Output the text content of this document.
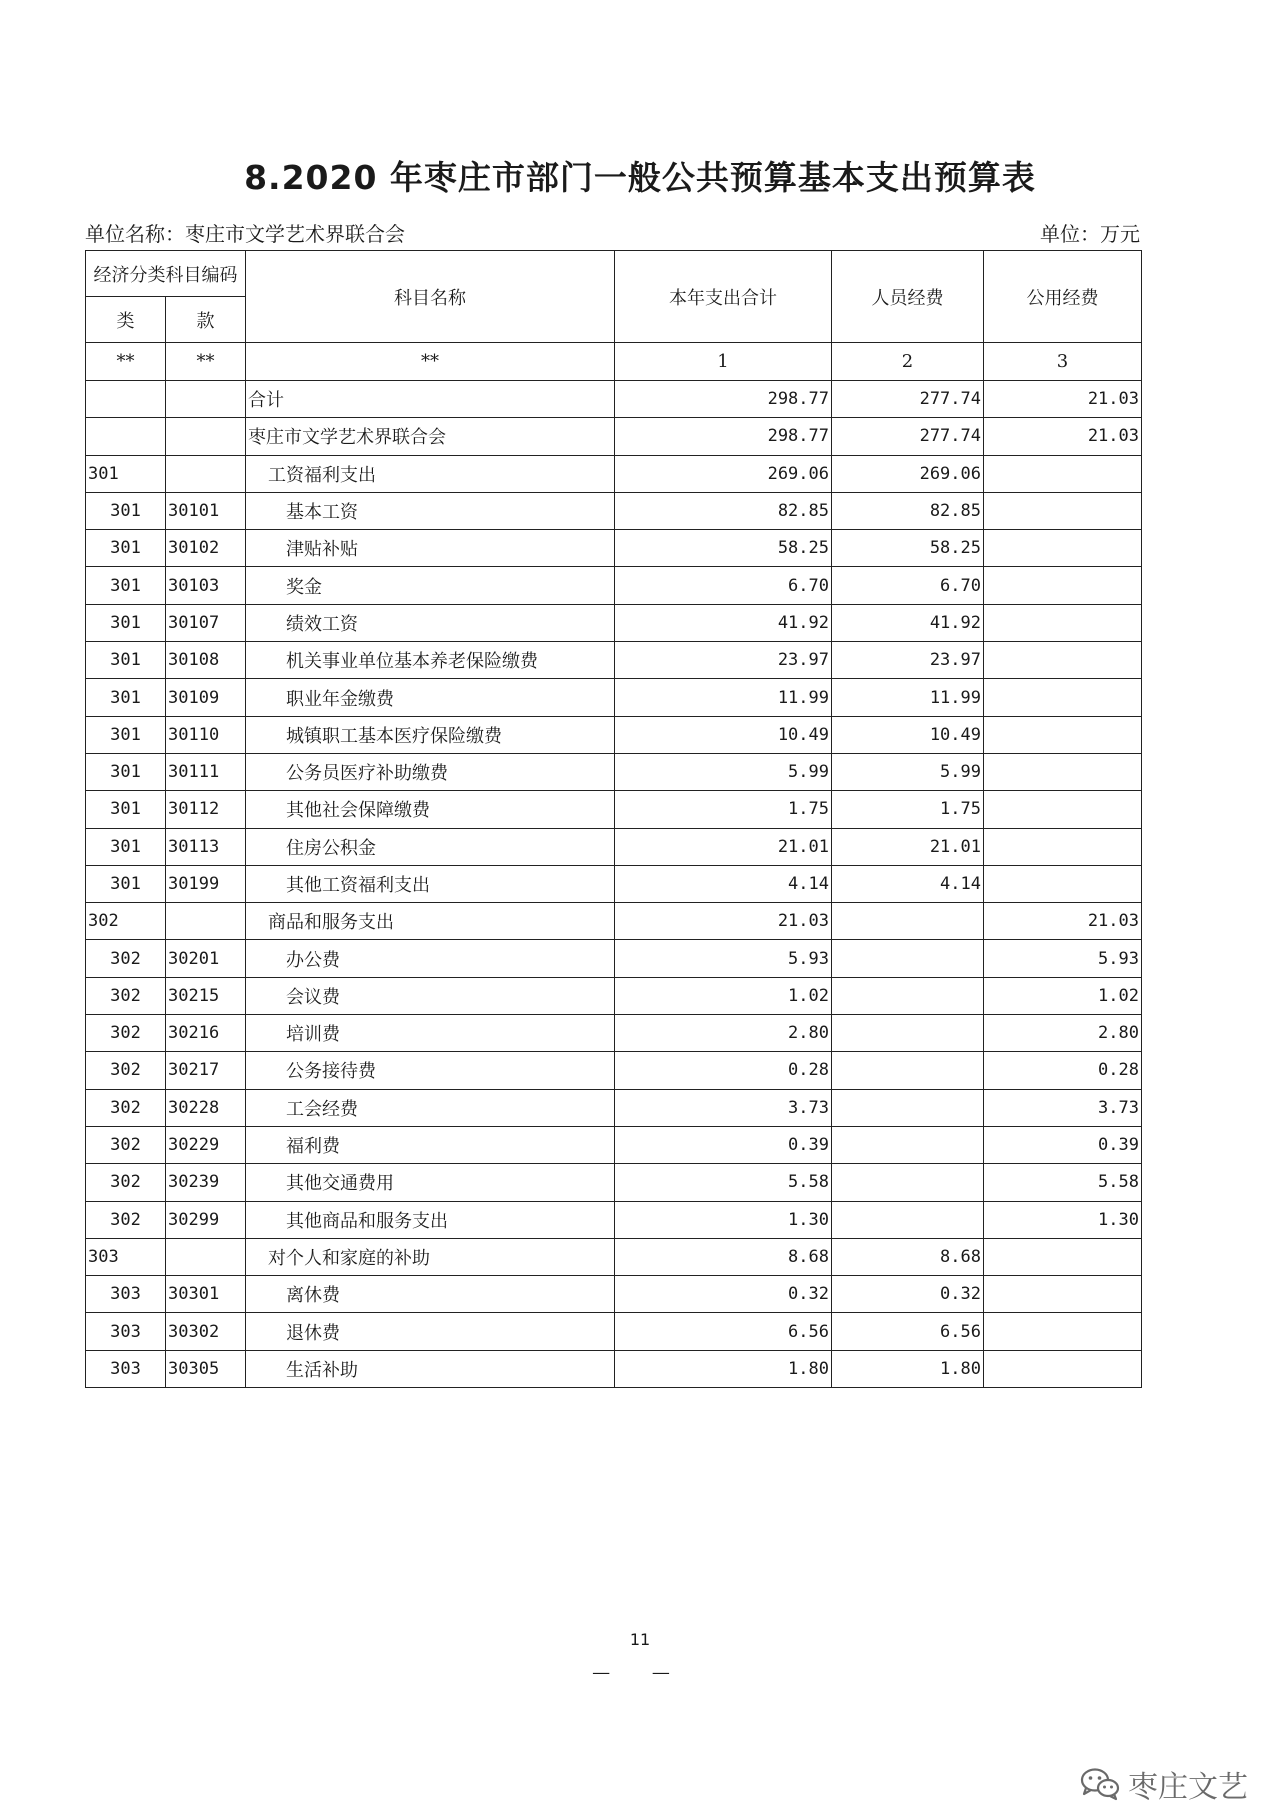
8.2020 年枣庄市部门一般公共预算基本支出预算表
单位名称：枣庄市文学艺术界联合会	单位：万元
经济分类科目编码		科目名称	本年支出合计	人员经费	公用经费
类	款				
**	**	**	1	2	3
		合计	298.77	277.74	21.03
		枣庄市文学艺术界联合会	298.77	277.74	21.03
301		工资福利支出	269.06	269.06	
301	30101	基本工资	82.85	82.85	
301	30102	津贴补贴	58.25	58.25	
301	30103	奖金	6.70	6.70	
301	30107	绩效工资	41.92	41.92	
301	30108	机关事业单位基本养老保险缴费	23.97	23.97	
301	30109	职业年金缴费	11.99	11.99	
301	30110	城镇职工基本医疗保险缴费	10.49	10.49	
301	30111	公务员医疗补助缴费	5.99	5.99	
301	30112	其他社会保障缴费	1.75	1.75	
301	30113	住房公积金	21.01	21.01	
301	30199	其他工资福利支出	4.14	4.14	
302		商品和服务支出	21.03		21.03
302	30201	办公费	5.93		5.93
302	30215	会议费	1.02		1.02
302	30216	培训费	2.80		2.80
302	30217	公务接待费	0.28		0.28
302	30228	工会经费	3.73		3.73
302	30229	福利费	0.39		0.39
302	30239	其他交通费用	5.58		5.58
302	30299	其他商品和服务支出	1.30		1.30
303		对个人和家庭的补助	8.68	8.68	
303	30301	离休费	0.32	0.32	
303	30302	退休费	6.56	6.56	
303	30305	生活补助	1.80	1.80	
11
— —
枣庄文艺
